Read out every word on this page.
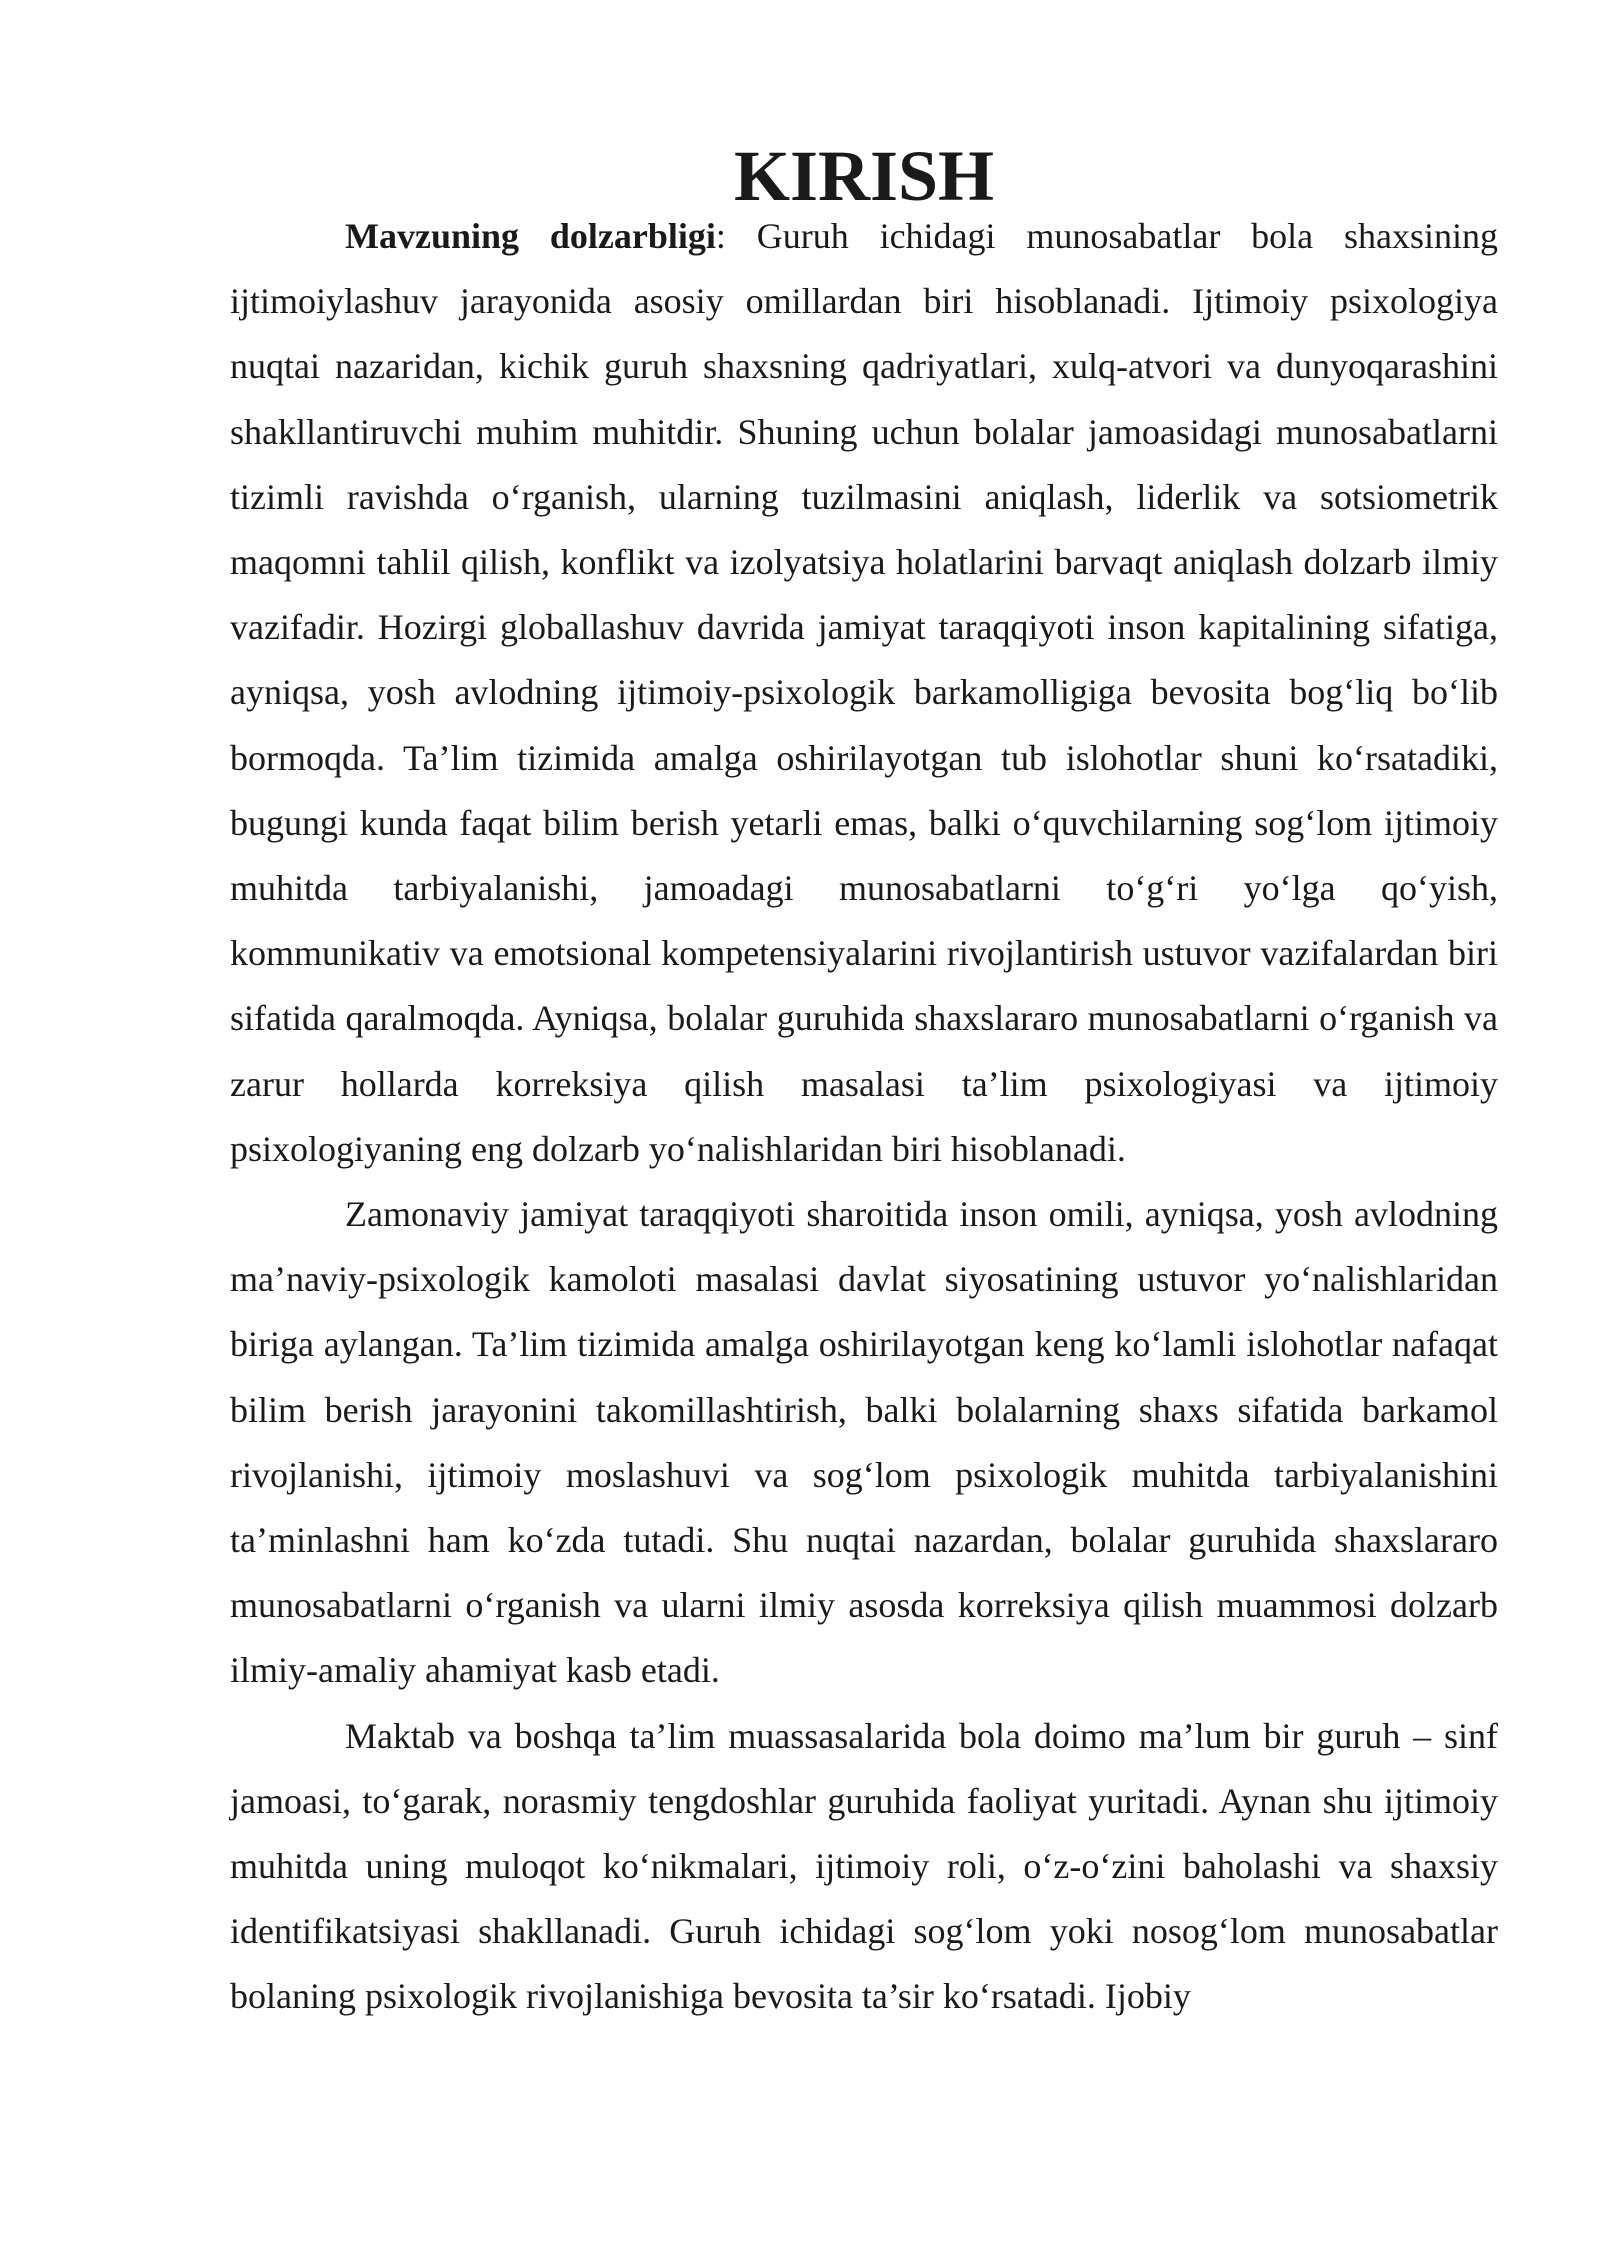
KIRISH

Mavzuning dolzarbligi: Guruh ichidagi munosabatlar bola shaxsining ijtimoiylashuv jarayonida asosiy omillardan biri hisoblanadi. Ijtimoiy psixologiya nuqtai nazaridan, kichik guruh shaxsning qadriyatlari, xulq-atvori va dunyoqarashini shakllantiruvchi muhim muhitdir. Shuning uchun bolalar jamoasidagi munosabatlarni tizimli ravishda o‘rganish, ularning tuzilmasini aniqlash, liderlik va sotsiometrik maqomni tahlil qilish, konflikt va izolyatsiya holatlarini barvaqt aniqlash dolzarb ilmiy vazifadir. Hozirgi globallashuv davrida jamiyat taraqqiyoti inson kapitalining sifatiga, ayniqsa, yosh avlodning ijtimoiy-psixologik barkamolligiga bevosita bog‘liq bo‘lib bormoqda. Ta’lim tizimida amalga oshirilayotgan tub islohotlar shuni ko‘rsatadiki, bugungi kunda faqat bilim berish yetarli emas, balki o‘quvchilarning sog‘lom ijtimoiy muhitda tarbiyalanishi, jamoadagi munosabatlarni to‘g‘ri yo‘lga qo‘yish, kommunikativ va emotsional kompetensiyalarini rivojlantirish ustuvor vazifalardan biri sifatida qaralmoqda. Ayniqsa, bolalar guruhida shaxslararo munosabatlarni o‘rganish va zarur hollarda korreksiya qilish masalasi ta’lim psixologiyasi va ijtimoiy psixologiyaning eng dolzarb yo‘nalishlaridan biri hisoblanadi.

Zamonaviy jamiyat taraqqiyoti sharoitida inson omili, ayniqsa, yosh avlodning ma’naviy-psixologik kamoloti masalasi davlat siyosatining ustuvor yo‘nalishlaridan biriga aylangan. Ta’lim tizimida amalga oshirilayotgan keng ko‘lamli islohotlar nafaqat bilim berish jarayonini takomillashtirish, balki bolalarning shaxs sifatida barkamol rivojlanishi, ijtimoiy moslashuvi va sog‘lom psixologik muhitda tarbiyalanishini ta’minlashni ham ko‘zda tutadi. Shu nuqtai nazardan, bolalar guruhida shaxslararo munosabatlarni o‘rganish va ularni ilmiy asosda korreksiya qilish muammosi dolzarb ilmiy-amaliy ahamiyat kasb etadi.

Maktab va boshqa ta’lim muassasalarida bola doimo ma’lum bir guruh – sinf jamoasi, to‘garak, norasmiy tengdoshlar guruhida faoliyat yuritadi. Aynan shu ijtimoiy muhitda uning muloqot ko‘nikmalari, ijtimoiy roli, o‘z-o‘zini baholashi va shaxsiy identifikatsiyasi shakllanadi. Guruh ichidagi sog‘lom yoki nosog‘lom munosabatlar bolaning psixologik rivojlanishiga bevosita ta’sir ko‘rsatadi. Ijobiy
